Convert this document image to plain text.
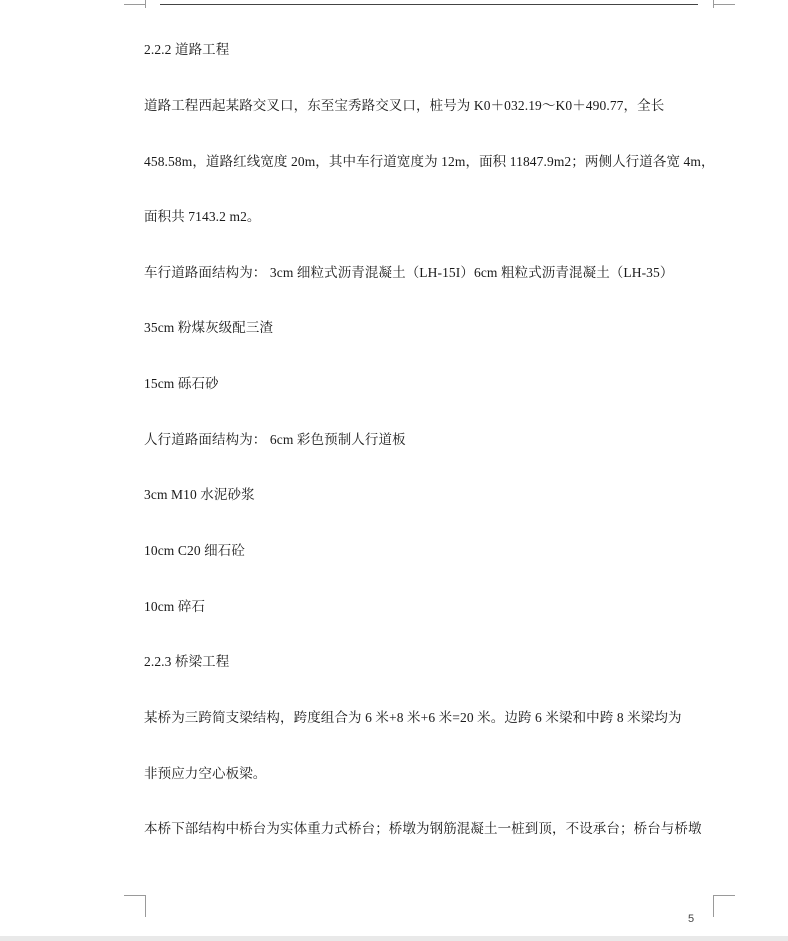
2.2.2 道路工程
道路工程西起某路交叉口，东至宝秀路交叉口，桩号为 K0＋032.19～K0＋490.77，全长
458.58m，道路红线宽度 20m，其中车行道宽度为 12m，面积 11847.9m2；两侧人行道各宽 4m，
面积共 7143.2 m2。
车行道路面结构为： 3cm 细粒式沥青混凝土（LH-15I）6cm 粗粒式沥青混凝土（LH-35）
35cm 粉煤灰级配三渣
15cm 砾石砂
人行道路面结构为： 6cm 彩色预制人行道板
3cm M10 水泥砂浆
10cm C20 细石砼
10cm 碎石
2.2.3 桥梁工程
某桥为三跨简支梁结构，跨度组合为 6 米+8 米+6 米=20 米。边跨 6 米梁和中跨 8 米梁均为
非预应力空心板梁。
本桥下部结构中桥台为实体重力式桥台；桥墩为钢筋混凝土一桩到顶，不设承台；桥台与桥墩
5
